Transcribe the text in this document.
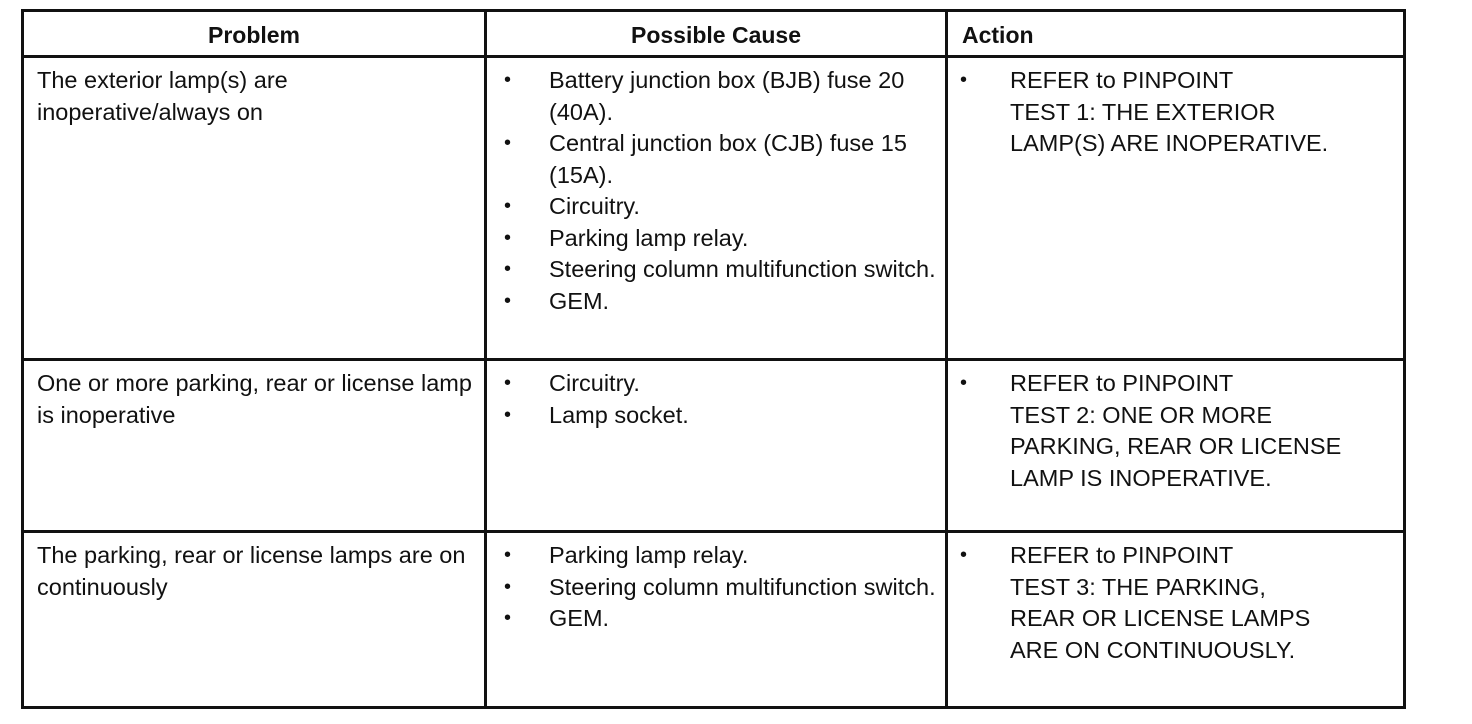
Problem	Possible Cause	Action
The exterior lamp(s) are inoperative/always on
• Battery junction box (BJB) fuse 20 (40A).
• Central junction box (CJB) fuse 15 (15A).
• Circuitry.
• Parking lamp relay.
• Steering column multifunction switch.
• GEM.
• REFER to PINPOINT
TEST 1: THE EXTERIOR
LAMP(S) ARE INOPERATIVE.
One or more parking, rear or license lamp is inoperative
• Circuitry.
• Lamp socket.
• REFER to PINPOINT
TEST 2: ONE OR MORE
PARKING, REAR OR LICENSE
LAMP IS INOPERATIVE.
The parking, rear or license lamps are on continuously
• Parking lamp relay.
• Steering column multifunction switch.
• GEM.
• REFER to PINPOINT
TEST 3: THE PARKING,
REAR OR LICENSE LAMPS
ARE ON CONTINUOUSLY.
